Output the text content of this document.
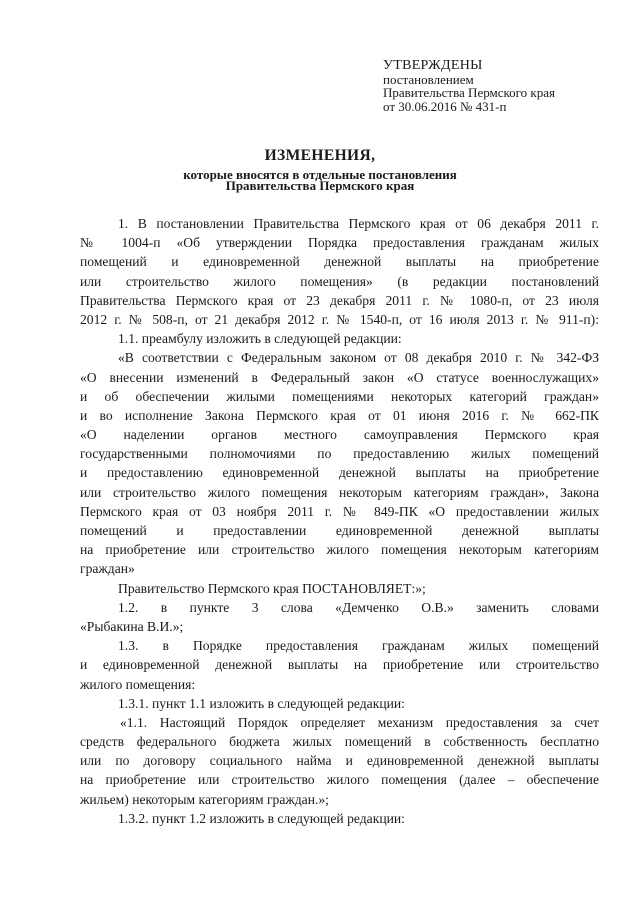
УТВЕРЖДЕНЫ
постановлением
Правительства Пермского края
от 30.06.2016 № 431-п
ИЗМЕНЕНИЯ,
которые вносятся в отдельные постановления
Правительства Пермского края
1. В постановлении Правительства Пермского края от 06 декабря 2011 г.
№ 1004-п «Об утверждении Порядка предоставления гражданам жилых
помещений и единовременной денежной выплаты на приобретение
или строительство жилого помещения» (в редакции постановлений
Правительства Пермского края от 23 декабря 2011 г. № 1080-п, от 23 июля
2012 г. № 508-п, от 21 декабря 2012 г. № 1540-п, от 16 июля 2013 г. № 911-п):
1.1. преамбулу изложить в следующей редакции:
«В соответствии с Федеральным законом от 08 декабря 2010 г. № 342-ФЗ
«О внесении изменений в Федеральный закон «О статусе военнослужащих»
и об обеспечении жилыми помещениями некоторых категорий граждан»
и во исполнение Закона Пермского края от 01 июня 2016 г. № 662-ПК
«О наделении органов местного самоуправления Пермского края
государственными полномочиями по предоставлению жилых помещений
и предоставлению единовременной денежной выплаты на приобретение
или строительство жилого помещения некоторым категориям граждан», Закона
Пермского края от 03 ноября 2011 г. № 849-ПК «О предоставлении жилых
помещений и предоставлении единовременной денежной выплаты
на приобретение или строительство жилого помещения некоторым категориям
граждан»
Правительство Пермского края ПОСТАНОВЛЯЕТ:»;
1.2. в пункте 3 слова «Демченко О.В.» заменить словами
«Рыбакина В.И.»;
1.3. в Порядке предоставления гражданам жилых помещений
и единовременной денежной выплаты на приобретение или строительство
жилого помещения:
1.3.1. пункт 1.1 изложить в следующей редакции:
«1.1. Настоящий Порядок определяет механизм предоставления за счет
средств федерального бюджета жилых помещений в собственность бесплатно
или по договору социального найма и единовременной денежной выплаты
на приобретение или строительство жилого помещения (далее – обеспечение
жильем) некоторым категориям граждан.»;
1.3.2. пункт 1.2 изложить в следующей редакции:
